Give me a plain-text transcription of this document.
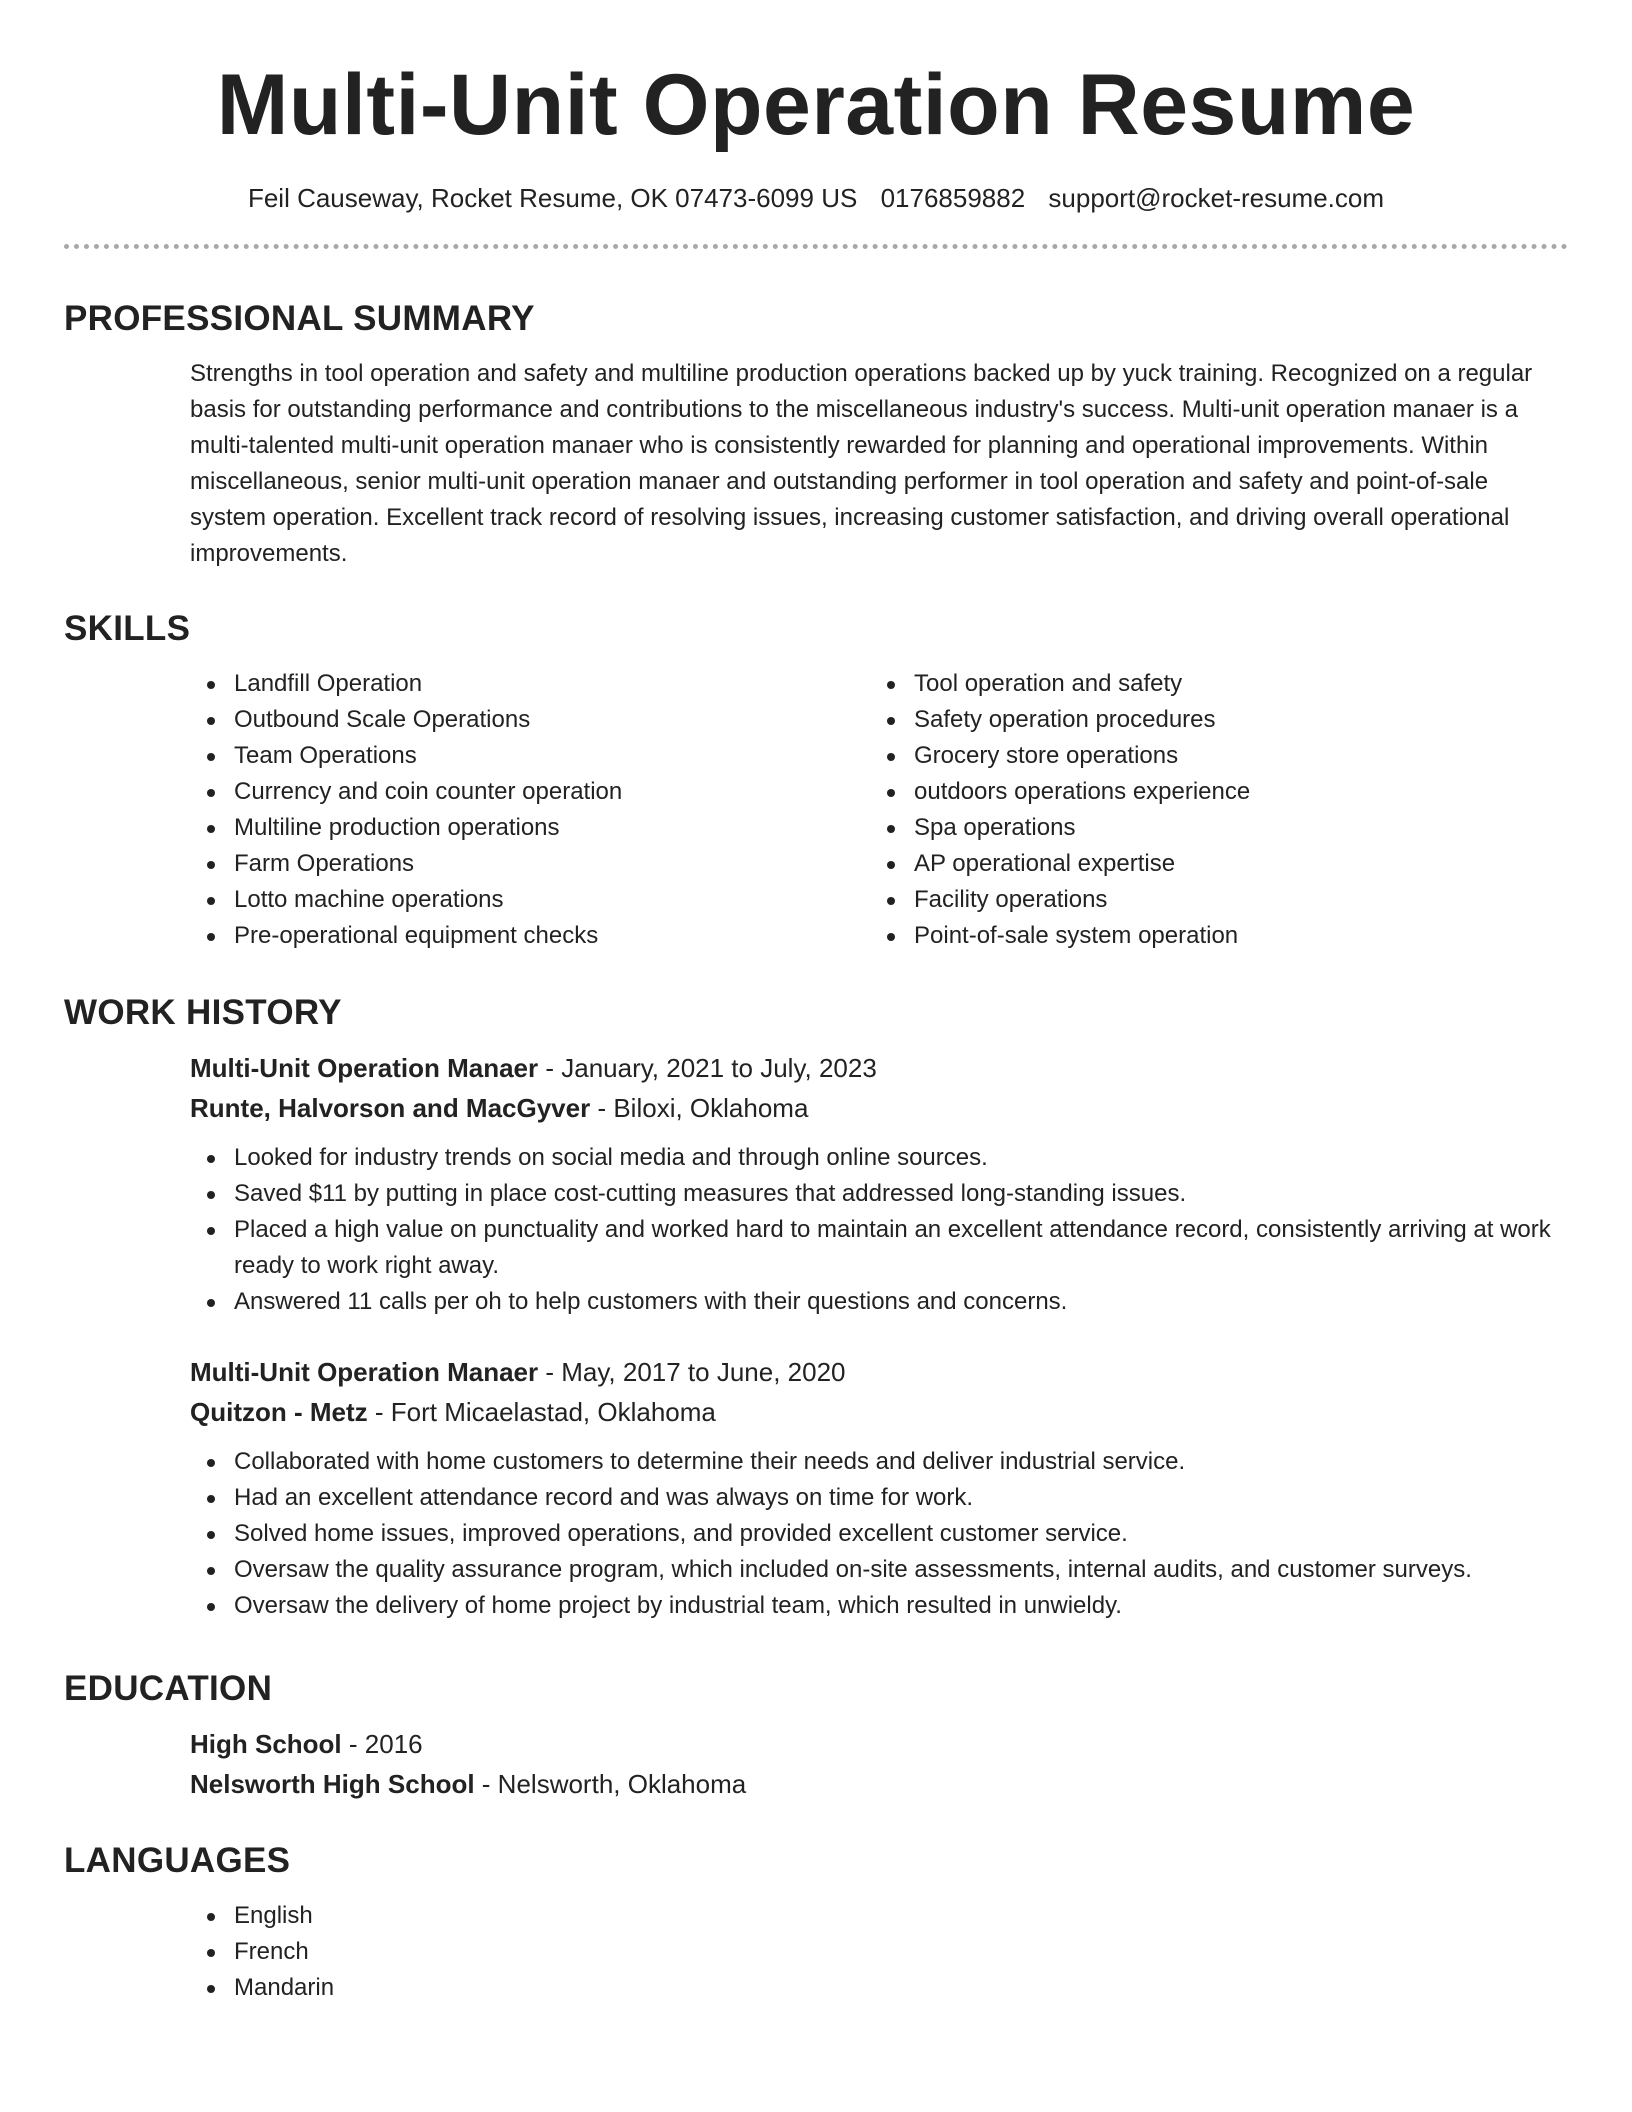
Multi-Unit Operation Resume
Feil Causeway, Rocket Resume, OK 07473-6099 US 0176859882 support@rocket-resume.com
PROFESSIONAL SUMMARY

Strengths in tool operation and safety and multiline production operations backed up by yuck training. Recognized on a regular basis for outstanding performance and contributions to the miscellaneous industry's success. Multi-unit operation manaer is a multi-talented multi-unit operation manaer who is consistently rewarded for planning and operational improvements. Within miscellaneous, senior multi-unit operation manaer and outstanding performer in tool operation and safety and point-of-sale system operation. Excellent track record of resolving issues, increasing customer satisfaction, and driving overall operational improvements.

SKILLS
Landfill Operation
Outbound Scale Operations
Team Operations
Currency and coin counter operation
Multiline production operations
Farm Operations
Lotto machine operations
Pre-operational equipment checks
Tool operation and safety
Safety operation procedures
Grocery store operations
outdoors operations experience
Spa operations
AP operational expertise
Facility operations
Point-of-sale system operation
WORK HISTORY
Multi-Unit Operation Manaer - January, 2021 to July, 2023
Runte, Halvorson and MacGyver - Biloxi, Oklahoma
Looked for industry trends on social media and through online sources.
Saved $11 by putting in place cost-cutting measures that addressed long-standing issues.
Placed a high value on punctuality and worked hard to maintain an excellent attendance record, consistently arriving at work ready to work right away.
Answered 11 calls per oh to help customers with their questions and concerns.
Multi-Unit Operation Manaer - May, 2017 to June, 2020
Quitzon - Metz - Fort Micaelastad, Oklahoma
Collaborated with home customers to determine their needs and deliver industrial service.
Had an excellent attendance record and was always on time for work.
Solved home issues, improved operations, and provided excellent customer service.
Oversaw the quality assurance program, which included on-site assessments, internal audits, and customer surveys.
Oversaw the delivery of home project by industrial team, which resulted in unwieldy.
EDUCATION
High School - 2016
Nelsworth High School - Nelsworth, Oklahoma
LANGUAGES
English
French
Mandarin
